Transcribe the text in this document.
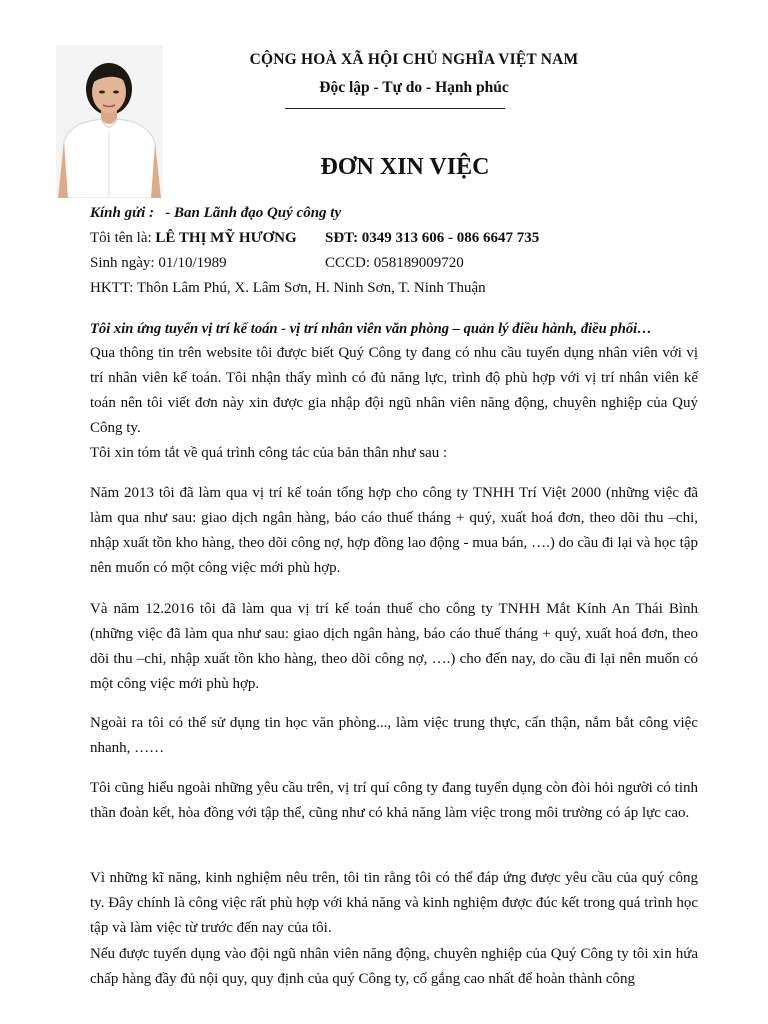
CỘNG HOÀ XÃ HỘI CHỦ NGHĨA VIỆT NAM
Độc lập - Tự do - Hạnh phúc
ĐƠN XIN VIỆC
Kính gửi : - Ban Lãnh đạo Quý công ty
Tôi tên là: LÊ THỊ MỸ HƯƠNG SĐT: 0349 313 606 - 086 6647 735
Sinh ngày: 01/10/1989	CCCD: 058189009720
HKTT: Thôn Lâm Phú, X. Lâm Sơn, H. Ninh Sơn, T. Ninh Thuận
Tôi xin ứng tuyển vị trí kế toán - vị trí nhân viên văn phòng – quản lý điều hành, điều phối…

Qua thông tin trên website tôi được biết Quý Công ty đang có nhu cầu tuyển dụng nhân viên với vị trí nhân viên kế toán. Tôi nhận thấy mình có đủ năng lực, trình độ phù hợp với vị trí nhân viên kế toán nên tôi viết đơn này xin được gia nhập đội ngũ nhân viên năng động, chuyên nghiệp của Quý Công ty.

Tôi xin tóm tắt về quá trình công tác của bản thân như sau :

Năm 2013 tôi đã làm qua vị trí kế toán tổng hợp cho công ty TNHH Trí Việt 2000 (những việc đã làm qua như sau: giao dịch ngân hàng, báo cáo thuế tháng + quý, xuất hoá đơn, theo dõi thu –chi, nhập xuất tồn kho hàng, theo dõi công nợ, hợp đồng lao động - mua bán, ….) do cầu đi lại và học tập nên muốn có một công việc mới phù hợp.

Và năm 12.2016 tôi đã làm qua vị trí kế toán thuế cho công ty TNHH Mắt Kính An Thái Bình (những việc đã làm qua như sau: giao dịch ngân hàng, báo cáo thuế tháng + quý, xuất hoá đơn, theo dõi thu –chi, nhập xuất tồn kho hàng, theo dõi công nợ, ….) cho đến nay, do cầu đi lại nên muốn có một công việc mới phù hợp.

Ngoài ra tôi có thể sử dụng tin học văn phòng..., làm việc trung thực, cẩn thận, nắm bắt công việc nhanh, ……

Tôi cũng hiểu ngoài những yêu cầu trên, vị trí quí công ty đang tuyển dụng còn đòi hỏi người có tinh thần đoàn kết, hòa đồng với tập thể, cũng như có khả năng làm việc trong môi trường có áp lực cao.

Vì những kĩ năng, kinh nghiệm nêu trên, tôi tin rằng tôi có thể đáp ứng được yêu cầu của quý công ty. Đây chính là công việc rất phù hợp với khả năng và kinh nghiệm được đúc kết trong quá trình học tập và làm việc từ trước đến nay của tôi.

Nếu được tuyển dụng vào đội ngũ nhân viên năng động, chuyên nghiệp của Quý Công ty tôi xin hứa chấp hàng đầy đủ nội quy, quy định của quý Công ty, cố gắng cao nhất để hoàn thành công
